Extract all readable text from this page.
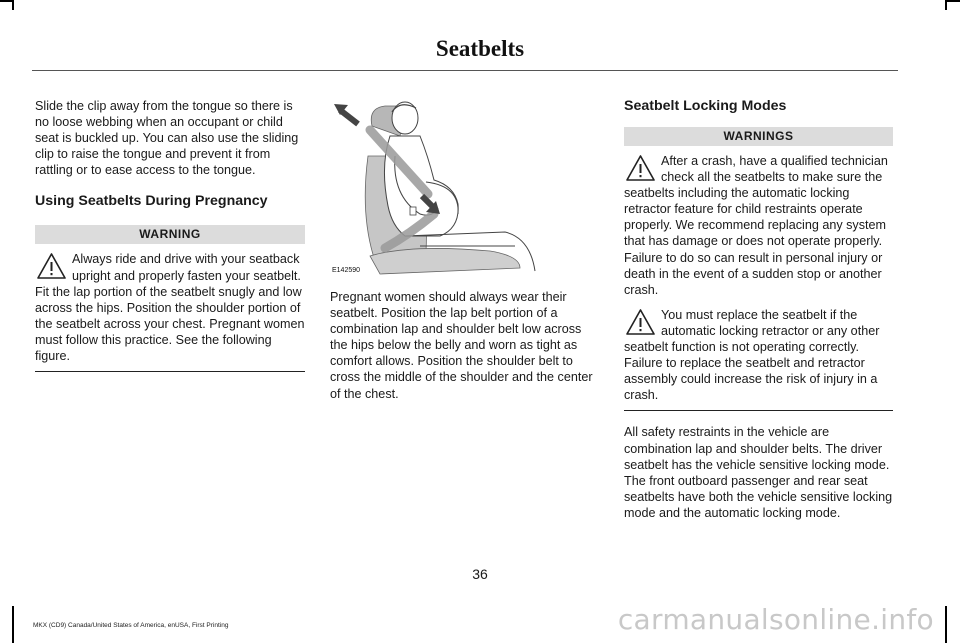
Seatbelts

Slide the clip away from the tongue so there is no loose webbing when an occupant or child seat is buckled up. You can also use the sliding clip to raise the tongue and prevent it from rattling or to ease access to the tongue.

Using Seatbelts During Pregnancy

WARNING

Always ride and drive with your seatback upright and properly fasten your seatbelt. Fit the lap portion of the seatbelt snugly and low across the hips. Position the shoulder portion of the seatbelt across your chest. Pregnant women must follow this practice. See the following figure.
E142590

Pregnant women should always wear their seatbelt. Position the lap belt portion of a combination lap and shoulder belt low across the hips below the belly and worn as tight as comfort allows. Position the shoulder belt to cross the middle of the shoulder and the center of the chest.

Seatbelt Locking Modes

WARNINGS

After a crash, have a qualified technician check all the seatbelts to make sure the seatbelts including the automatic locking retractor feature for child restraints operate properly. We recommend replacing any system that has damage or does not operate properly. Failure to do so can result in personal injury or death in the event of a sudden stop or another crash.
You must replace the seatbelt if the automatic locking retractor or any other seatbelt function is not operating correctly. Failure to replace the seatbelt and retractor assembly could increase the risk of injury in a crash.

All safety restraints in the vehicle are combination lap and shoulder belts. The driver seatbelt has the vehicle sensitive locking mode. The front outboard passenger and rear seat seatbelts have both the vehicle sensitive locking mode and the automatic locking mode.

36
MKX (CD9) Canada/United States of America, enUSA, First Printing	carmanualsonline.info
